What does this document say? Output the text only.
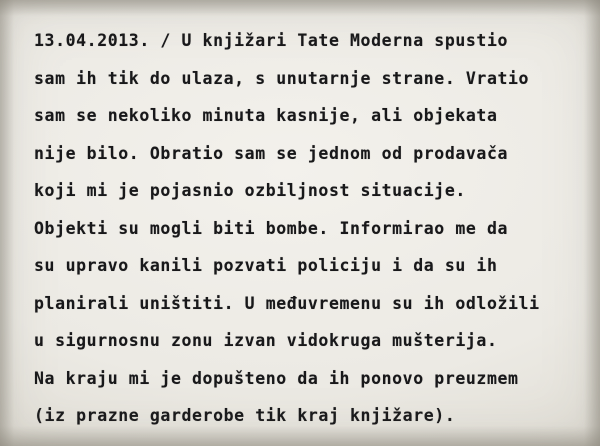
13.04.2013. / U knjižari Tate Moderna spustio
sam ih tik do ulaza, s unutarnje strane. Vratio
sam se nekoliko minuta kasnije, ali objekata
nije bilo. Obratio sam se jednom od prodavača
koji mi je pojasnio ozbiljnost situacije.
Objekti su mogli biti bombe. Informirao me da
su upravo kanili pozvati policiju i da su ih
planirali uništiti. U međuvremenu su ih odložili
u sigurnosnu zonu izvan vidokruga mušterija.
Na kraju mi je dopušteno da ih ponovo preuzmem
(iz prazne garderobe tik kraj knjižare).
